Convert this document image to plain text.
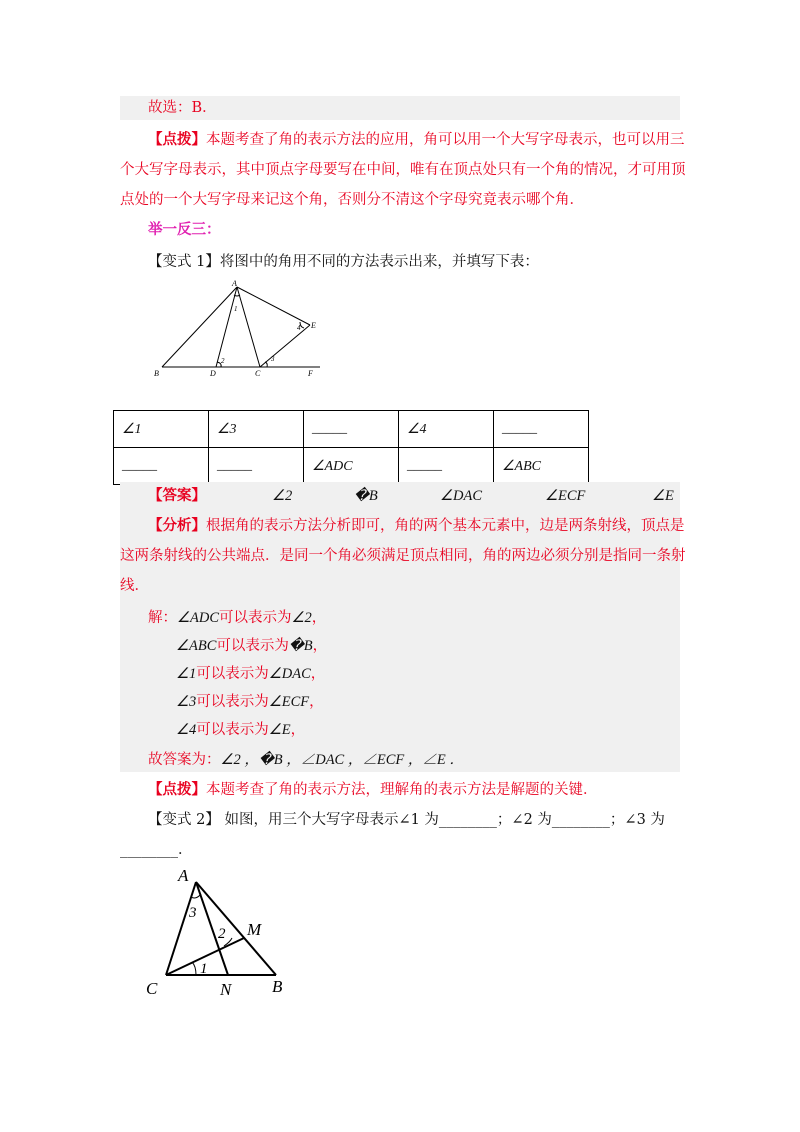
故选：B．
【点拨】本题考查了角的表示方法的应用，角可以用一个大写字母表示，也可以用三
个大写字母表示，其中顶点字母要写在中间，唯有在顶点处只有一个角的情况，才可用顶
点处的一个大写字母来记这个角，否则分不清这个字母究竟表示哪个角．
举一反三：
【变式 1】将图中的角用不同的方法表示出来，并填写下表：
A
B	D	C	F
E
1
2	3
4
∠1	∠3	_____	∠4	_____
_____	_____	∠ADC	_____	∠ABC
【答案】	∠2	�B	∠DAC	∠ECF	∠E
【分析】根据角的表示方法分析即可，角的两个基本元素中，边是两条射线，顶点是
这两条射线的公共端点．是同一个角必须满足顶点相同，角的两边必须分别是指同一条射
线．
解：∠ADC可以表示为∠2，
∠ABC可以表示为�B，
∠1可以表示为∠DAC，
∠3可以表示为∠ECF，
∠4可以表示为∠E，
故答案为：∠2 ，�B ，∠DAC ，∠ECF ，∠E ．
【点拨】本题考查了角的表示方法，理解角的表示方法是解题的关键．
【变式 2】 如图，用三个大写字母表示∠1 为________；∠2 为________；∠3 为
________．
A
M
C	N B
3
2
1
